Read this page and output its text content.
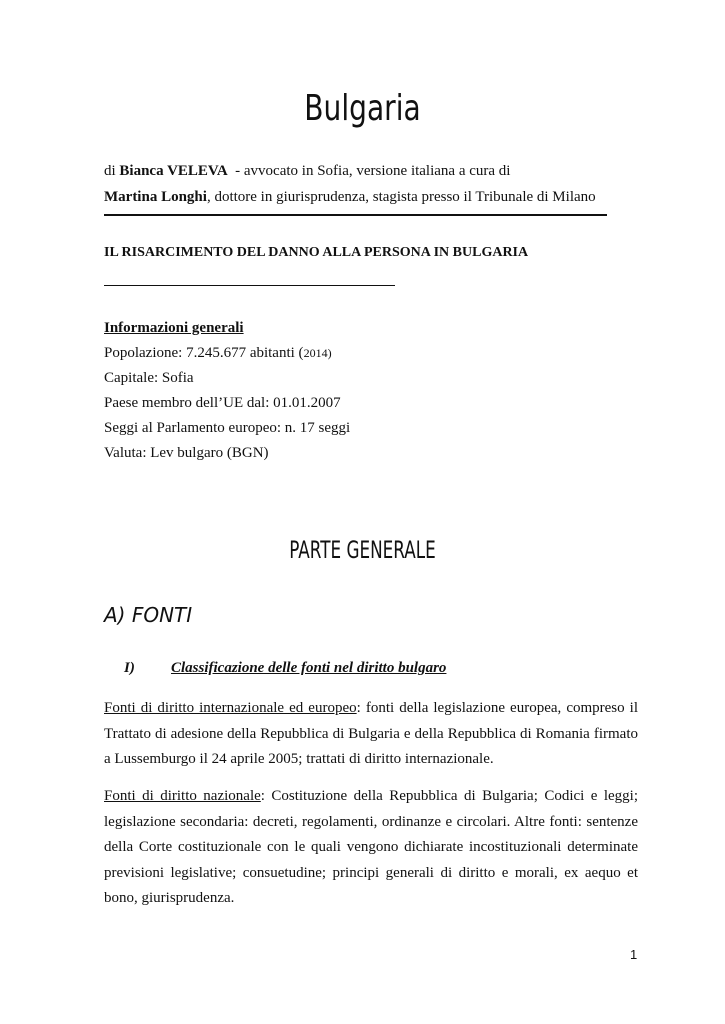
Bulgaria
di Bianca VELEVA  - avvocato in Sofia, versione italiana a cura di
Martina Longhi, dottore in giurisprudenza, stagista presso il Tribunale di Milano
IL RISARCIMENTO DEL DANNO ALLA PERSONA IN BULGARIA
Informazioni generali
Popolazione: 7.245.677 abitanti (2014)
Capitale: Sofia
Paese membro dell’UE dal: 01.01.2007
Seggi al Parlamento europeo: n. 17 seggi
Valuta: Lev bulgaro (BGN)
PARTE GENERALE
A) FONTI
I) Classificazione delle fonti nel diritto bulgaro
Fonti di diritto internazionale ed europeo: fonti della legislazione europea, compreso il Trattato di adesione della Repubblica di Bulgaria e della Repubblica di Romania firmato a Lussemburgo il 24 aprile 2005; trattati di diritto internazionale.
Fonti di diritto nazionale: Costituzione della Repubblica di Bulgaria; Codici e leggi; legislazione secondaria: decreti, regolamenti, ordinanze e circolari. Altre fonti: sentenze della Corte costituzionale con le quali vengono dichiarate incostituzionali determinate previsioni legislative; consuetudine; principi generali di diritto e morali, ex aequo et bono, giurisprudenza.
1
